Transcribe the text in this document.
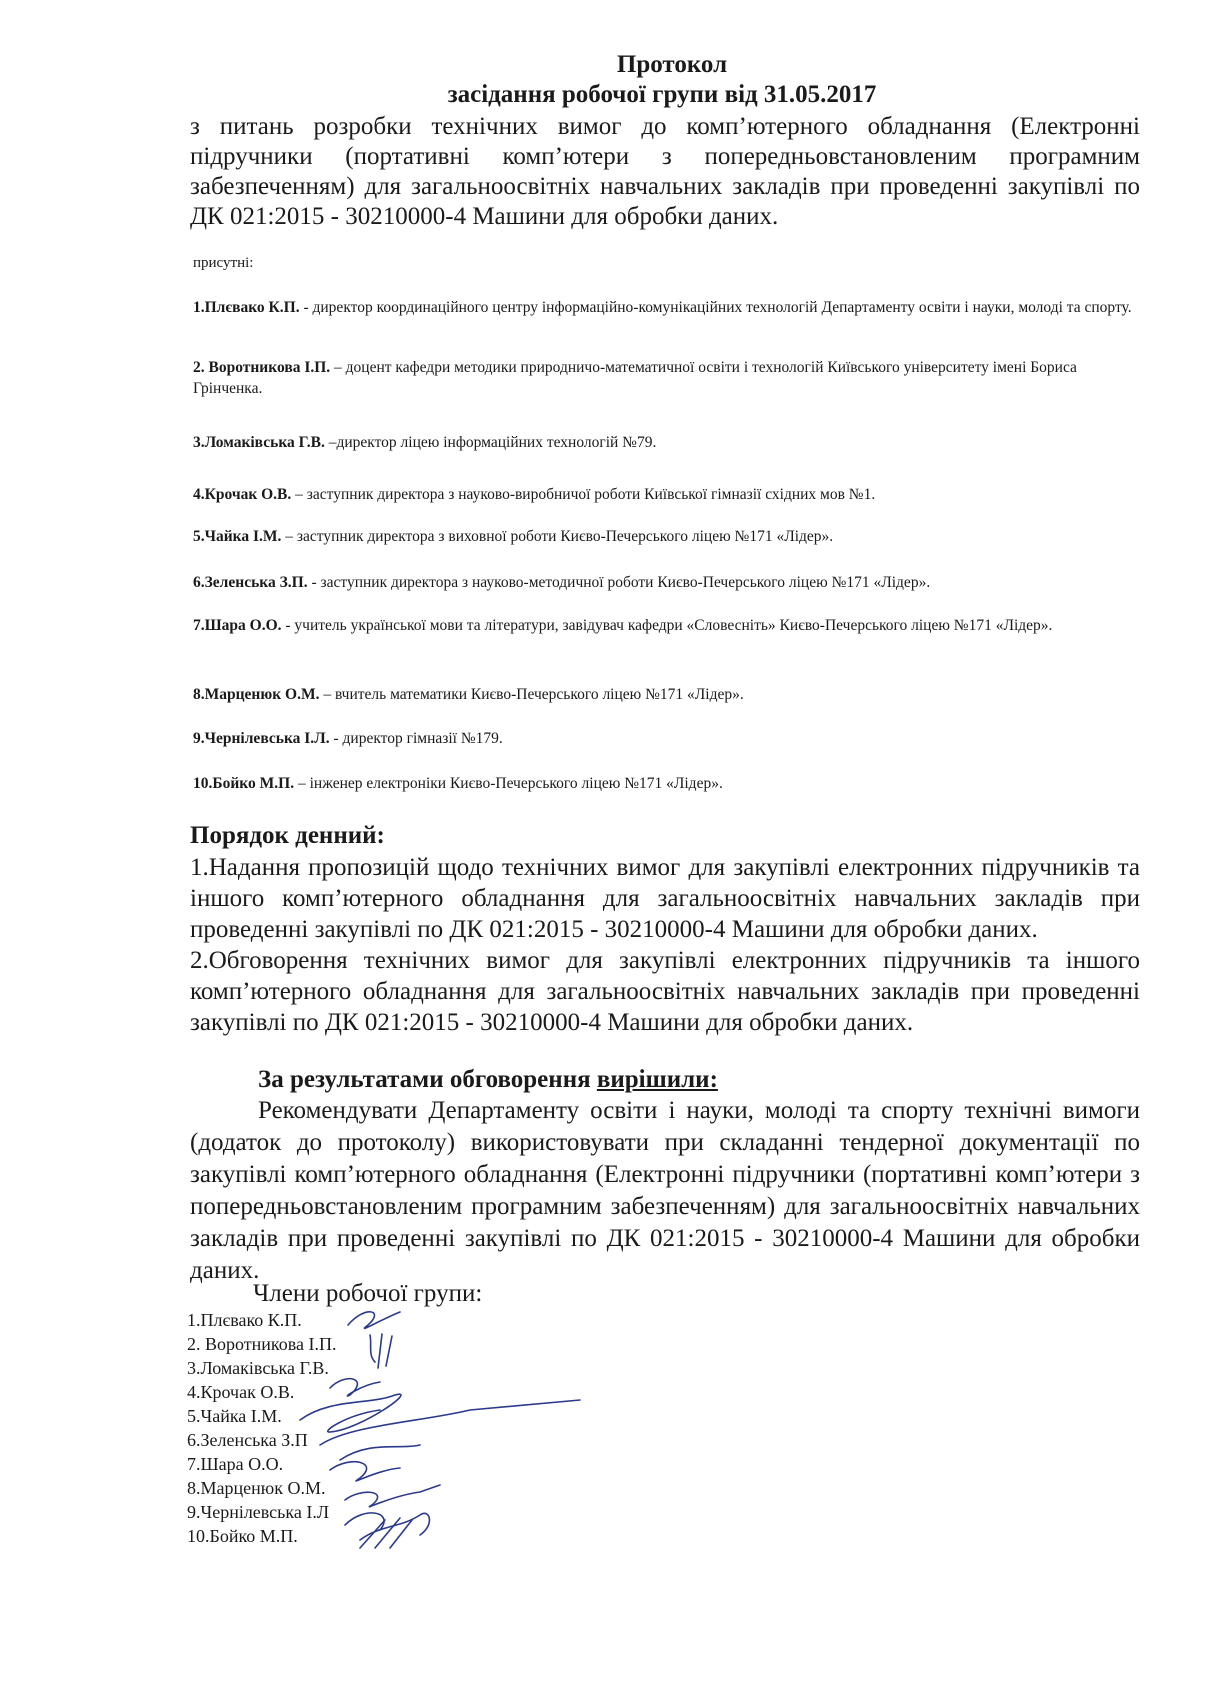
Протокол
засідання робочої групи від 31.05.2017
з питань розробки технічних вимог до комп’ютерного обладнання (Електронні підручники (портативні комп’ютери з попередньовстановленим програмним забезпеченням) для загальноосвітніх навчальних закладів при проведенні закупівлі по ДК 021:2015 - 30210000-4 Машини для обробки даних.
присутні:
1.Плєвако К.П. - директор координаційного центру інформаційно-комунікаційних технологій Департаменту освіти і науки, молоді та спорту.
2. Воротникова І.П. – доцент кафедри методики природничо-математичної освіти і технологій Київського університету імені Бориса Грінченка.
3.Ломаківська Г.В. –директор ліцею інформаційних технологій №79.
4.Крочак О.В. – заступник директора з науково-виробничої роботи Київської гімназії східних мов №1.
5.Чайка І.М. – заступник директора з виховної роботи Києво-Печерського ліцею №171 «Лідер».
6.Зеленська З.П. - заступник директора з науково-методичної роботи Києво-Печерського ліцею №171 «Лідер».
7.Шара О.О. - учитель української мови та літератури, завідувач кафедри «Словесніть» Києво-Печерського ліцею №171 «Лідер».
8.Марценюк О.М. – вчитель математики Києво-Печерського ліцею №171 «Лідер».
9.Чернілевська І.Л. - директор гімназії №179.
10.Бойко М.П. – інженер електроніки Києво-Печерського ліцею №171 «Лідер».
Порядок денний:
1.Надання пропозицій щодо технічних вимог для закупівлі електронних підручників та іншого комп’ютерного обладнання для загальноосвітніх навчальних закладів при проведенні закупівлі по ДК 021:2015 - 30210000-4 Машини для обробки даних.
2.Обговорення технічних вимог для закупівлі електронних підручників та іншого комп’ютерного обладнання для загальноосвітніх навчальних закладів при проведенні закупівлі по ДК 021:2015 - 30210000-4 Машини для обробки даних.
За результатами обговорення вирішили:
Рекомендувати Департаменту освіти і науки, молоді та спорту технічні вимоги (додаток до протоколу) використовувати при складанні тендерної документації по закупівлі комп’ютерного обладнання (Електронні підручники (портативні комп’ютери з попередньовстановленим програмним забезпеченням) для загальноосвітніх навчальних закладів при проведенні закупівлі по ДК 021:2015 - 30210000-4 Машини для обробки даних.
Члени робочої групи:
1.Плєвако К.П.
2. Воротникова І.П.
3.Ломаківська Г.В.
4.Крочак О.В.
5.Чайка І.М.
6.Зеленська З.П
7.Шара О.О.
8.Марценюк О.М.
9.Чернілевська І.Л
10.Бойко М.П.
